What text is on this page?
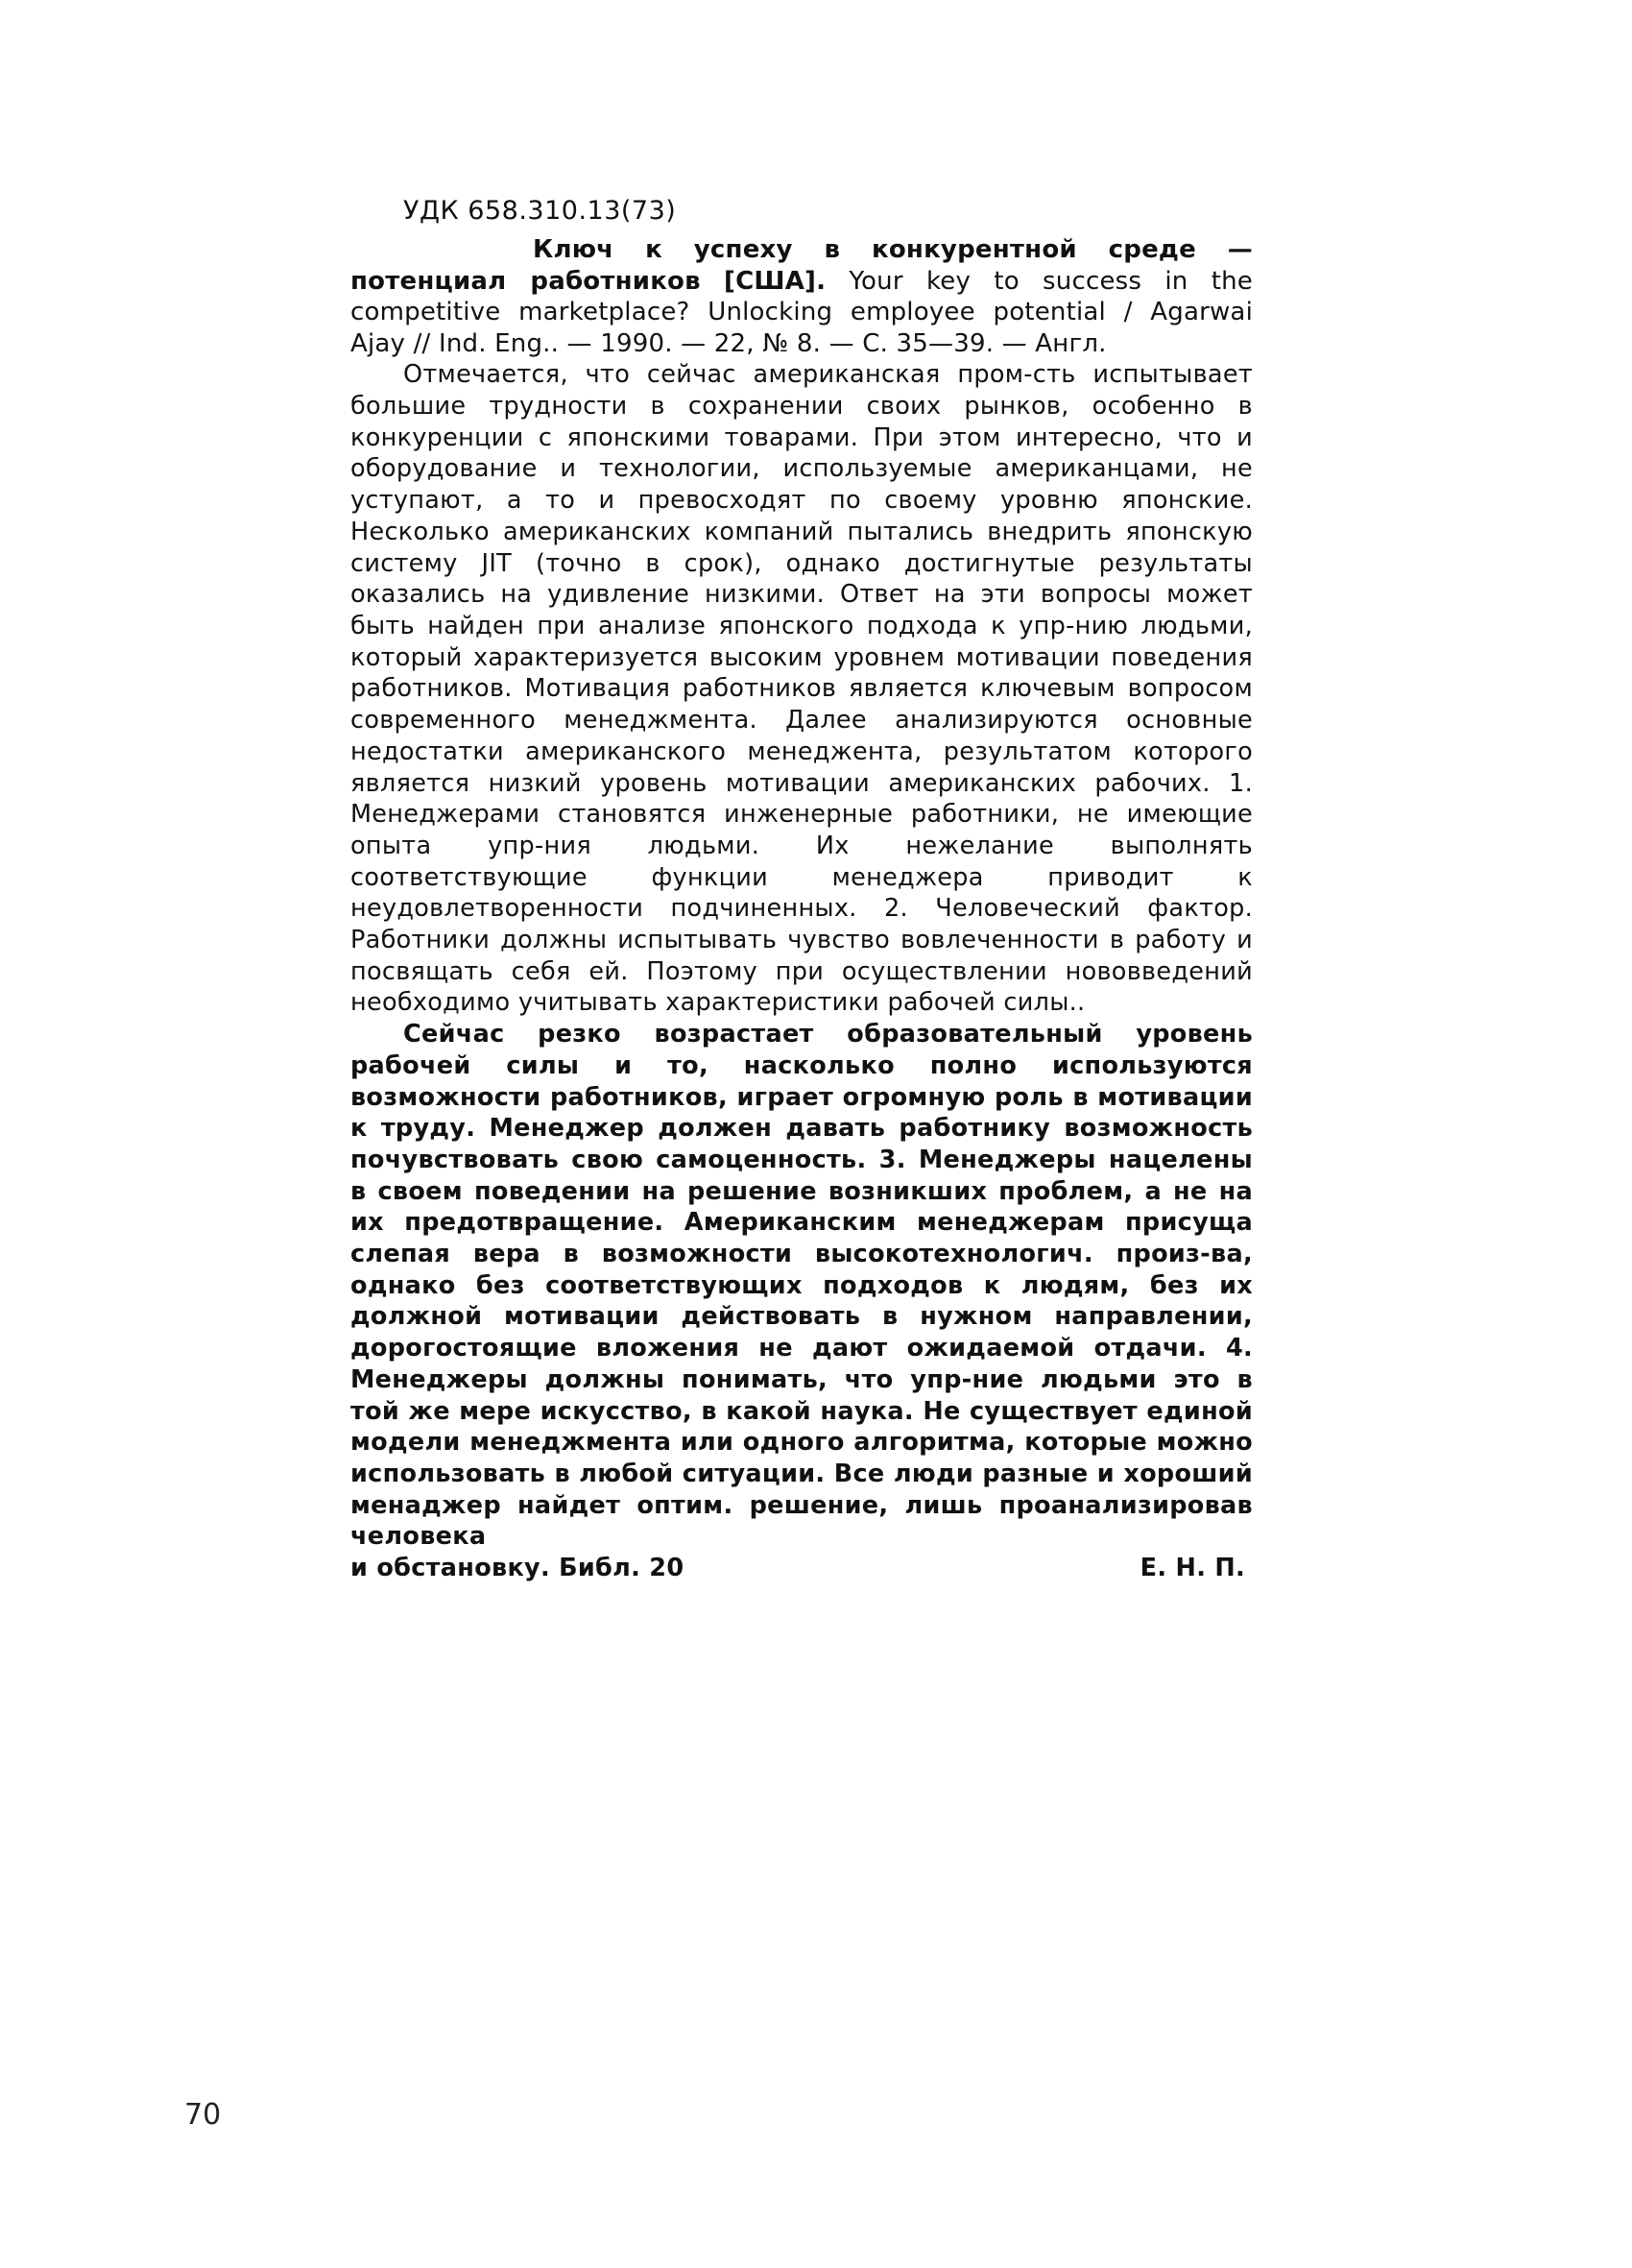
УДК 658.310.13(73)

Ключ к успеху в конкурентной среде — потенциал работников [США]. Your key to success in the competitive marketplace? Unlocking employee potential / Agarwai Ajay // Ind. Eng.. — 1990. — 22, № 8. — С. 35—39. — Англ.

Отмечается, что сейчас американская пром-сть испытывает большие трудности в сохранении своих рынков, особенно в конкуренции с японскими товарами. При этом интересно, что и оборудование и технологии, используемые американцами, не уступают, а то и превосходят по своему уровню японские. Несколько американских компаний пытались внедрить японскую систему JIT (точно в срок), однако достигнутые результаты оказались на удивление низкими. Ответ на эти вопросы может быть найден при анализе японского подхода к упр-нию людьми, который характеризуется высоким уровнем мотивации поведения работников. Мотивация работников является ключевым вопросом современного менеджмента. Далее анализируются основные недостатки американского менеджента, результатом которого является низкий уровень мотивации американских рабочих. 1. Менеджерами становятся инженерные работники, не имеющие опыта упр-ния людьми. Их нежелание выполнять соответствующие функции менеджера приводит к неудовлетворенности подчиненных. 2. Человеческий фактор. Работники должны испытывать чувство вовлеченности в работу и посвящать себя ей. Поэтому при осуществлении нововведений необходимо учитывать характеристики рабочей силы..

Сейчас резко возрастает образовательный уровень рабочей силы и то, насколько полно используются возможности работников, играет огромную роль в мотивации к труду. Менеджер должен давать работнику возможность почувствовать свою самоценность. 3. Менеджеры нацелены в своем поведении на решение возникших проблем, а не на их предотвращение. Американским менеджерам присуща слепая вера в возможности высокотехнологич. произ-ва, однако без соответствующих подходов к людям, без их должной мотивации действовать в нужном направлении, дорогостоящие вложения не дают ожидаемой отдачи. 4. Менеджеры должны понимать, что упр-ние людьми это в той же мере искусство, в какой наука. Не существует единой модели менеджмента или одного алгоритма, которые можно использовать в любой ситуации. Все люди разные и хороший менаджер найдет оптим. решение, лишь проанализировав человека

и обстановку. Библ. 20	Е. Н. П.
70
